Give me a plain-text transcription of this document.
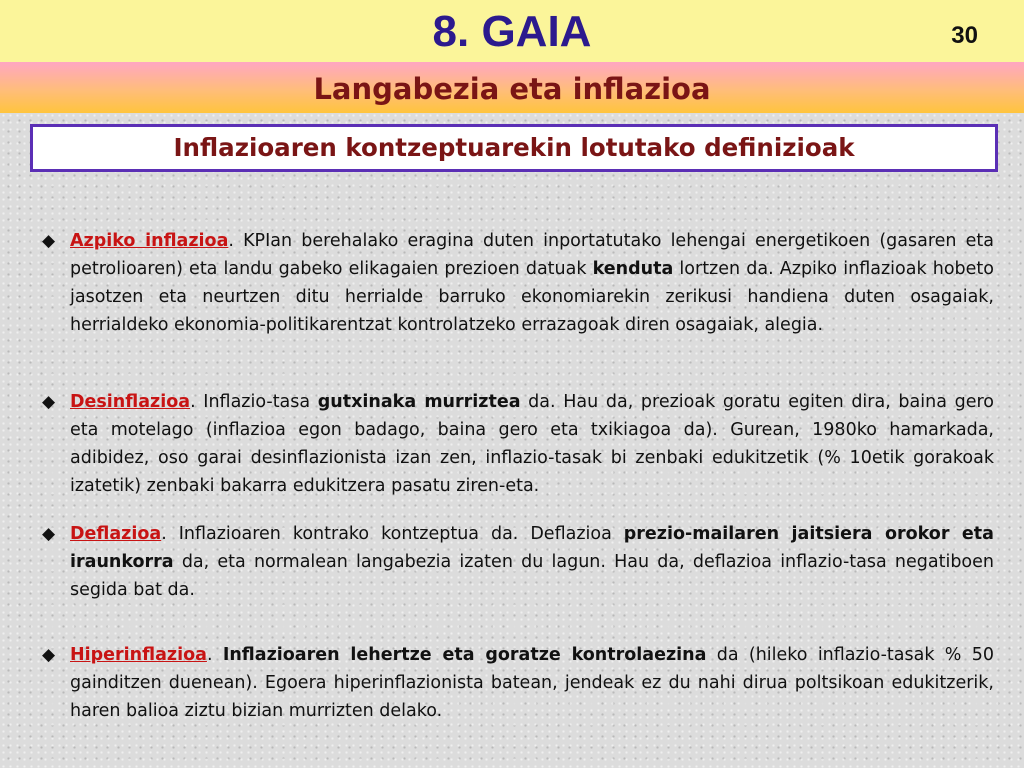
8. GAIA	30
Langabezia eta inflazioa
Inflazioaren kontzeptuarekin lotutako definizioak
◆ Azpiko inflazioa. KPIan berehalako eragina duten inportatutako lehengai energetikoen (gasaren eta petrolioaren) eta landu gabeko elikagaien prezioen datuak kenduta lortzen da. Azpiko inflazioak hobeto jasotzen eta neurtzen ditu herrialde barruko ekonomiarekin zerikusi handiena duten osagaiak, herrialdeko ekonomia-politikarentzat kontrolatzeko errazagoak diren osagaiak, alegia.
◆ Desinflazioa. Inflazio-tasa gutxinaka murriztea da. Hau da, prezioak goratu egiten dira, baina gero eta motelago (inflazioa egon badago, baina gero eta txikiagoa da). Gurean, 1980ko hamarkada, adibidez, oso garai desinflazionista izan zen, inflazio-tasak bi zenbaki edukitzetik (% 10etik gorakoak izatetik) zenbaki bakarra edukitzera pasatu ziren-eta.
◆ Deflazioa. Inflazioaren kontrako kontzeptua da. Deflazioa prezio-mailaren jaitsiera orokor eta iraunkorra da, eta normalean langabezia izaten du lagun. Hau da, deflazioa inflazio-tasa negatiboen segida bat da.
◆ Hiperinflazioa. Inflazioaren lehertze eta goratze kontrolaezina da (hileko inflazio-tasak % 50 gainditzen duenean). Egoera hiperinflazionista batean, jendeak ez du nahi dirua poltsikoan edukitzerik, haren balioa ziztu bizian murrizten delako.
